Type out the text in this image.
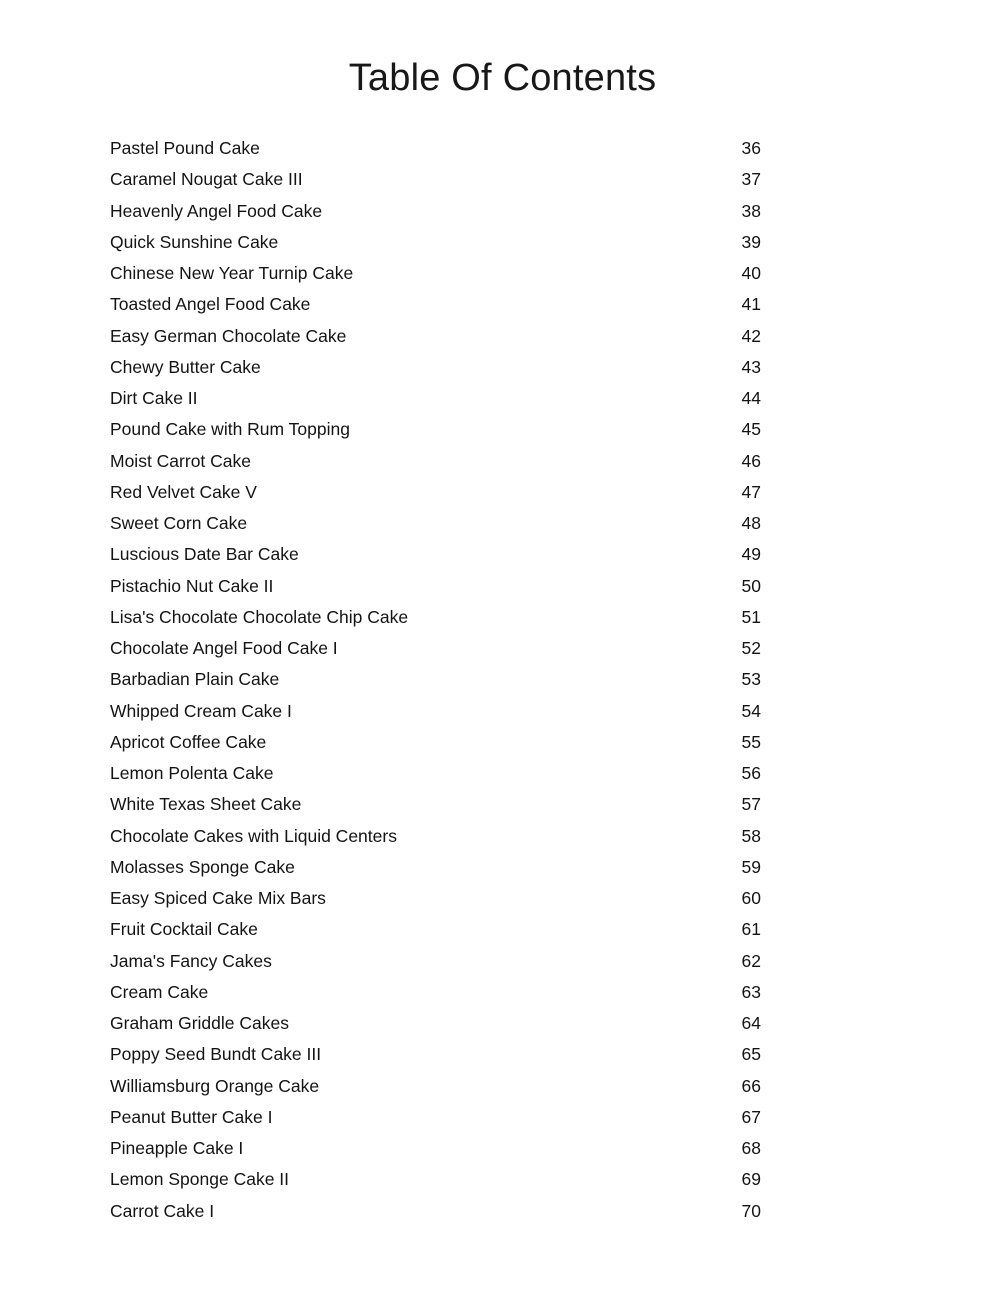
Table Of Contents
Pastel Pound Cake	36
Caramel Nougat Cake III	37
Heavenly Angel Food Cake	38
Quick Sunshine Cake	39
Chinese New Year Turnip Cake	40
Toasted Angel Food Cake	41
Easy German Chocolate Cake	42
Chewy Butter Cake	43
Dirt Cake II	44
Pound Cake with Rum Topping	45
Moist Carrot Cake	46
Red Velvet Cake V	47
Sweet Corn Cake	48
Luscious Date Bar Cake	49
Pistachio Nut Cake II	50
Lisa's Chocolate Chocolate Chip Cake	51
Chocolate Angel Food Cake I	52
Barbadian Plain Cake	53
Whipped Cream Cake I	54
Apricot Coffee Cake	55
Lemon Polenta Cake	56
White Texas Sheet Cake	57
Chocolate Cakes with Liquid Centers	58
Molasses Sponge Cake	59
Easy Spiced Cake Mix Bars	60
Fruit Cocktail Cake	61
Jama's Fancy Cakes	62
Cream Cake	63
Graham Griddle Cakes	64
Poppy Seed Bundt Cake III	65
Williamsburg Orange Cake	66
Peanut Butter Cake I	67
Pineapple Cake I	68
Lemon Sponge Cake II	69
Carrot Cake I	70
